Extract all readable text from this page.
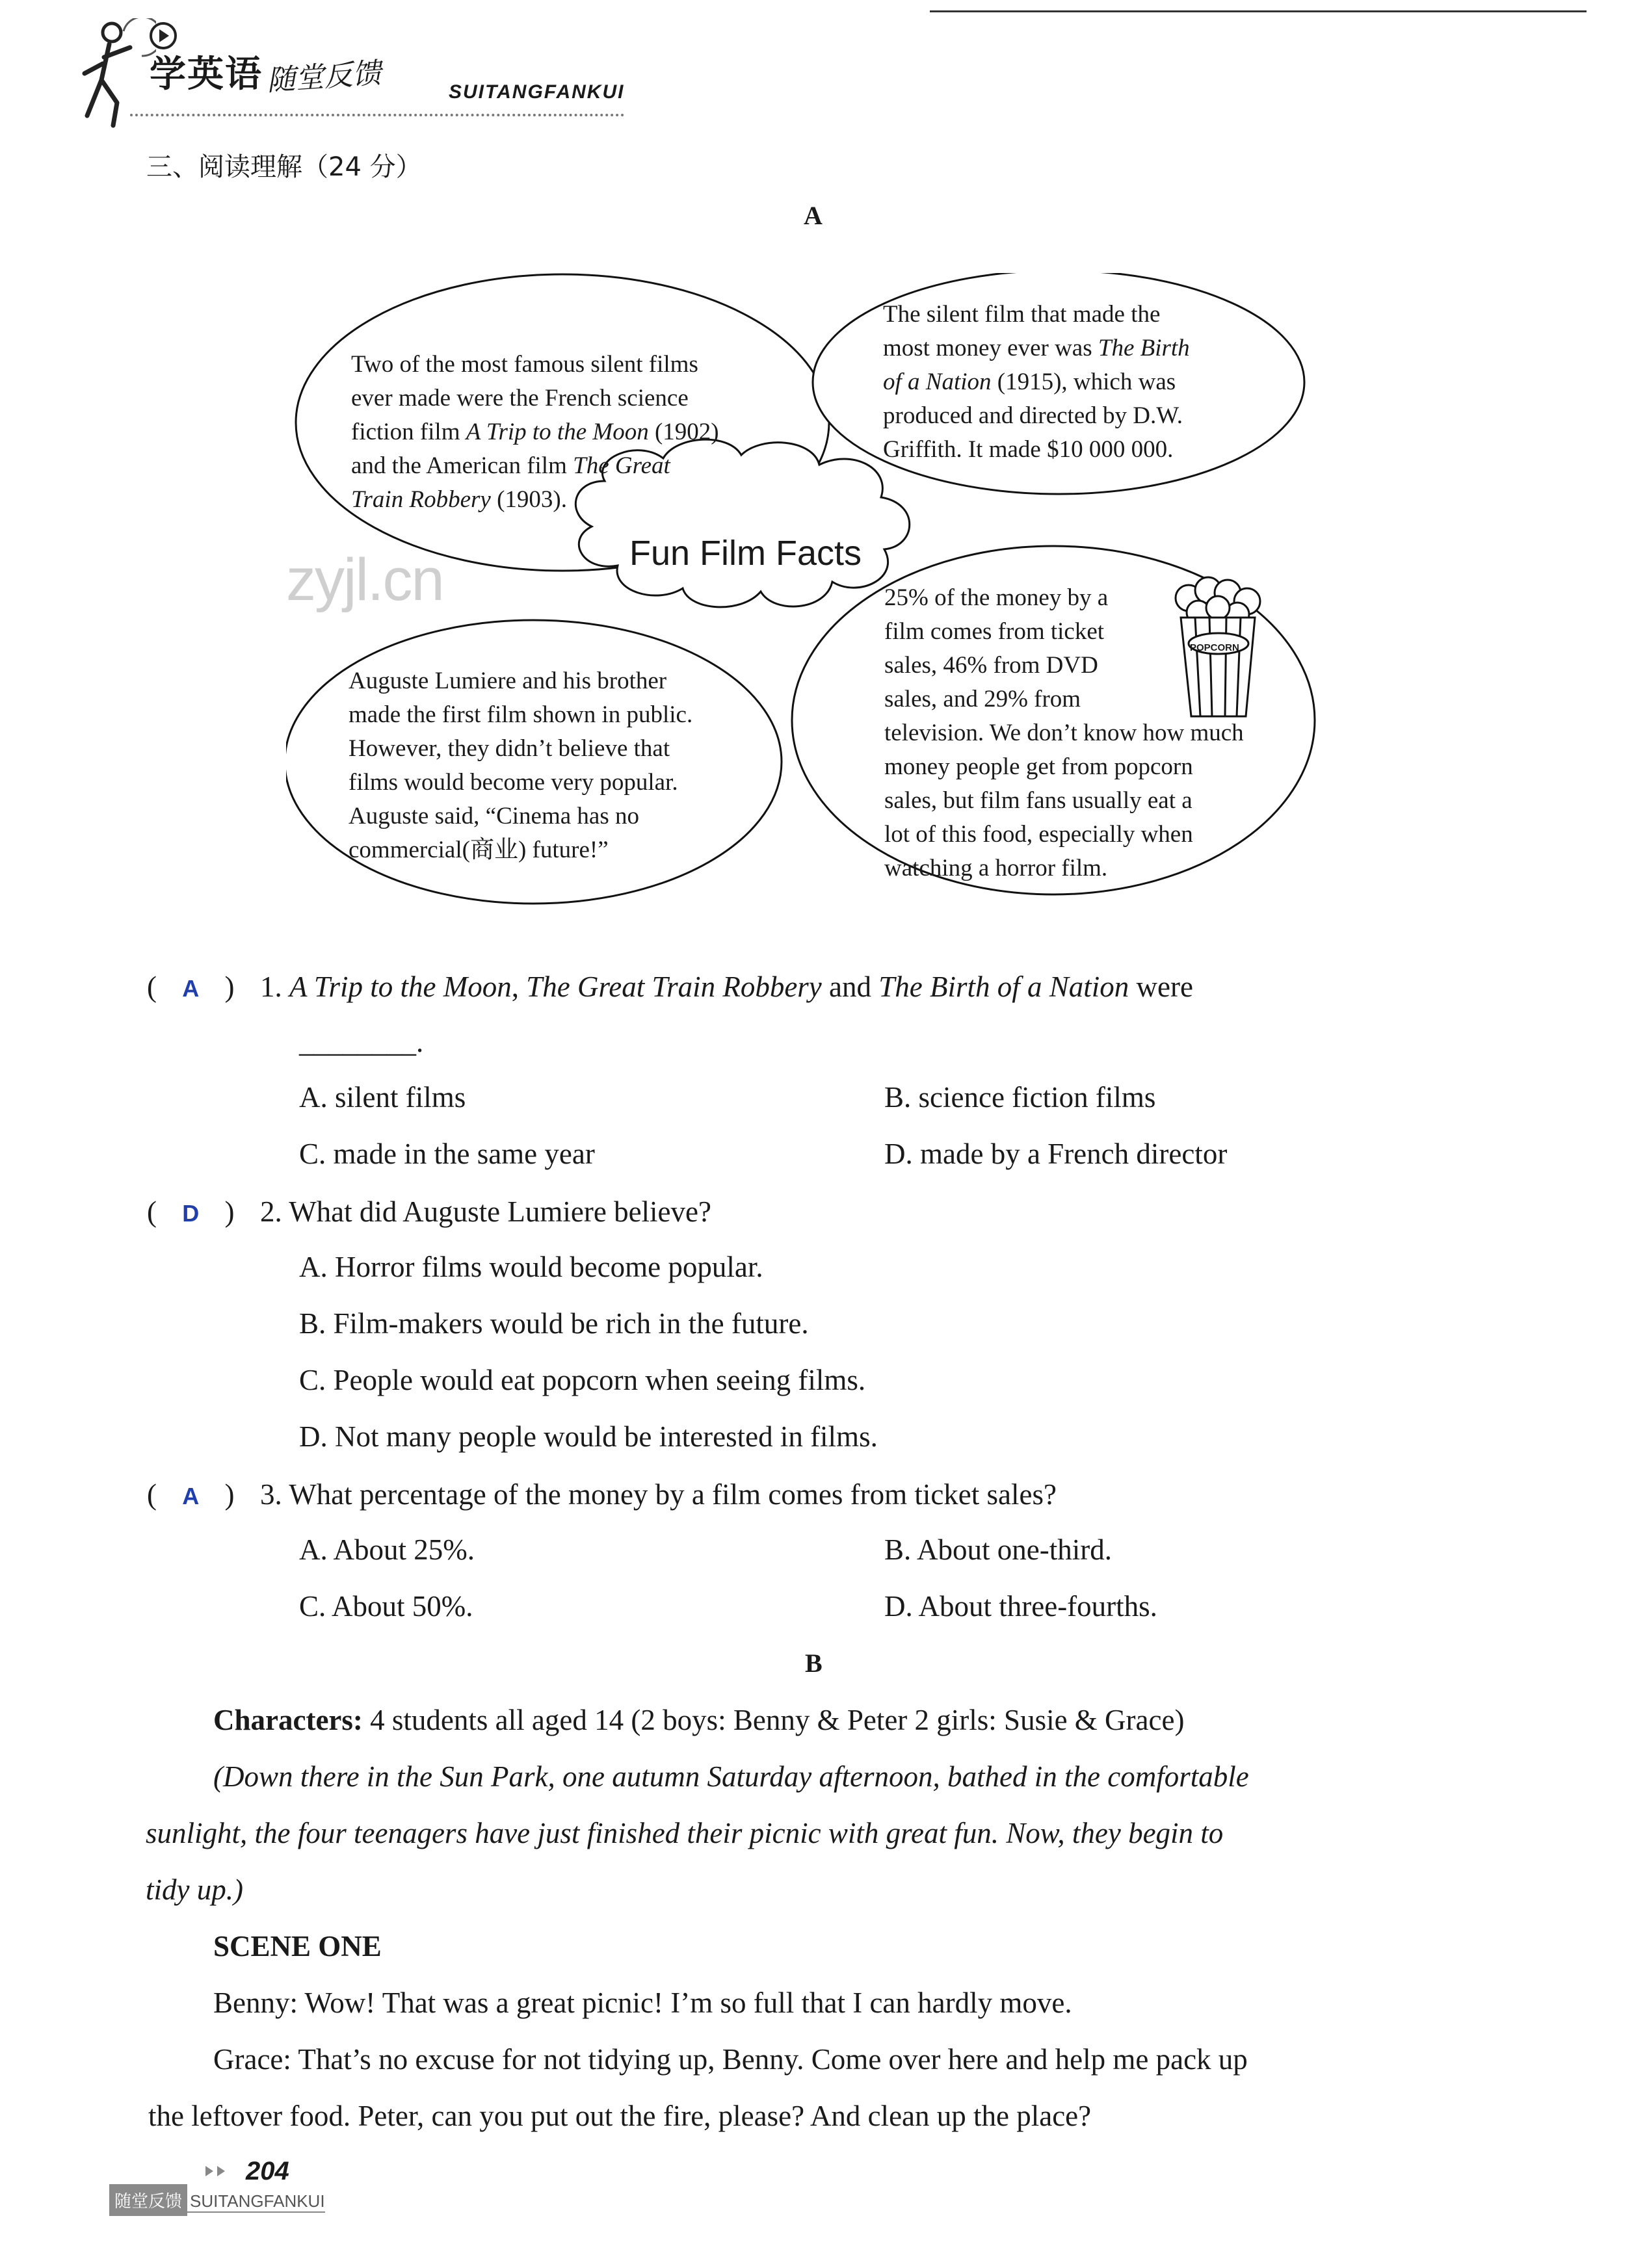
学英语 随堂反馈	SUITANGFANKUI
三、阅读理解（24 分）
A
Fun Film Facts
Two of the most famous silent films
ever made were the French science
fiction film A Trip to the Moon (1902)
and the American film The Great
Train Robbery (1903).
The silent film that made the
most money ever was The Birth
of a Nation (1915), which was
produced and directed by D.W.
Griffith. It made $10 000 000.
Auguste Lumiere and his brother
made the first film shown in public.
However, they didn’t believe that
films would become very popular.
Auguste said, “Cinema has no
commercial(商业) future!”
25% of the money by a
film comes from ticket
sales, 46% from DVD
sales, and 29% from
television. We don’t know how much
money people get from popcorn
sales, but film fans usually eat a
lot of this food, especially when
watching a horror film.
POPCORN
zyjl.cn
( A ) 1. A Trip to the Moon, The Great Train Robbery and The Birth of a Nation were
________.
A. silent films	B. science fiction films
C. made in the same year	D. made by a French director
( D ) 2. What did Auguste Lumiere believe?
A. Horror films would become popular.
B. Film-makers would be rich in the future.
C. People would eat popcorn when seeing films.
D. Not many people would be interested in films.
( A ) 3. What percentage of the money by a film comes from ticket sales?
A. About 25%.	B. About one-third.
C. About 50%.	D. About three-fourths.
B
Characters: 4 students all aged 14 (2 boys: Benny & Peter 2 girls: Susie & Grace)
(Down there in the Sun Park, one autumn Saturday afternoon, bathed in the comfortable
sunlight, the four teenagers have just finished their picnic with great fun. Now, they begin to
tidy up.)
SCENE ONE
Benny: Wow! That was a great picnic! I’m so full that I can hardly move.
Grace: That’s no excuse for not tidying up, Benny. Come over here and help me pack up
the leftover food. Peter, can you put out the fire, please? And clean up the place?
204
随堂反馈 SUITANGFANKUI
